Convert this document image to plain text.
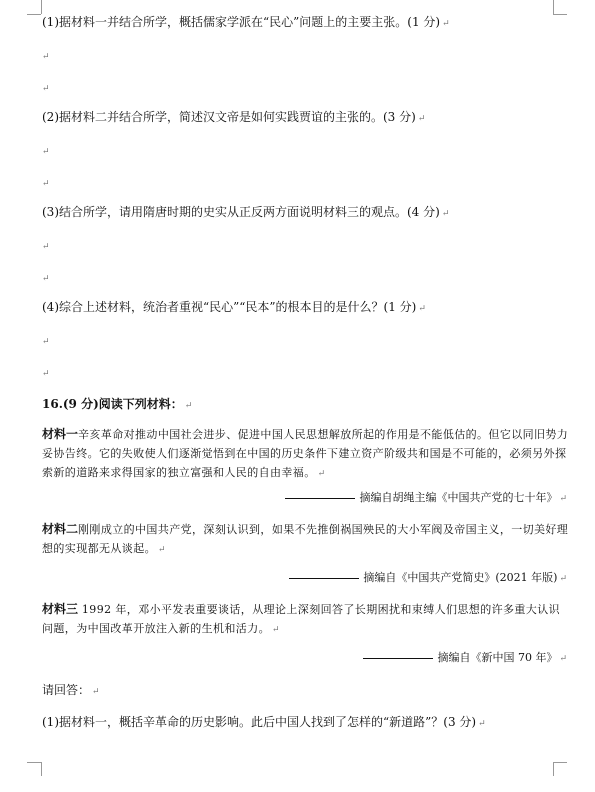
(1)据材料一并结合所学，概括儒家学派在“民心”问题上的主要主张。(1 分) ↵
↵
↵
(2)据材料二并结合所学，简述汉文帝是如何实践贾谊的主张的。(3 分) ↵
↵
↵
(3)结合所学，请用隋唐时期的史实从正反两方面说明材料三的观点。(4 分) ↵
↵
↵
(4)综合上述材料，统治者重视“民心”“民本”的根本目的是什么？(1 分) ↵
↵
↵
16.(9 分)阅读下列材料： ↵
材料一辛亥革命对推动中国社会进步、促进中国人民思想解放所起的作用是不能低估的。但它以同旧势力妥协告终。它的失败使人们逐渐觉悟到在中国的历史条件下建立资产阶级共和国是不可能的，必须另外探索新的道路来求得国家的独立富强和人民的自由幸福。 ↵
摘编自胡绳主编《中国共产党的七十年》 ↵
材料二刚刚成立的中国共产党，深刻认识到，如果不先推倒祸国殃民的大小军阀及帝国主义，一切美好理想的实现都无从谈起。 ↵
摘编自《中国共产党简史》(2021 年版) ↵
材料三 1992 年，邓小平发表重要谈话，从理论上深刻回答了长期困扰和束缚人们思想的许多重大认识问题，为中国改革开放注入新的生机和活力。 ↵
摘编自《新中国 70 年》 ↵
请回答： ↵
(1)据材料一，概括辛革命的历史影响。此后中国人找到了怎样的“新道路”？(3 分) ↵
